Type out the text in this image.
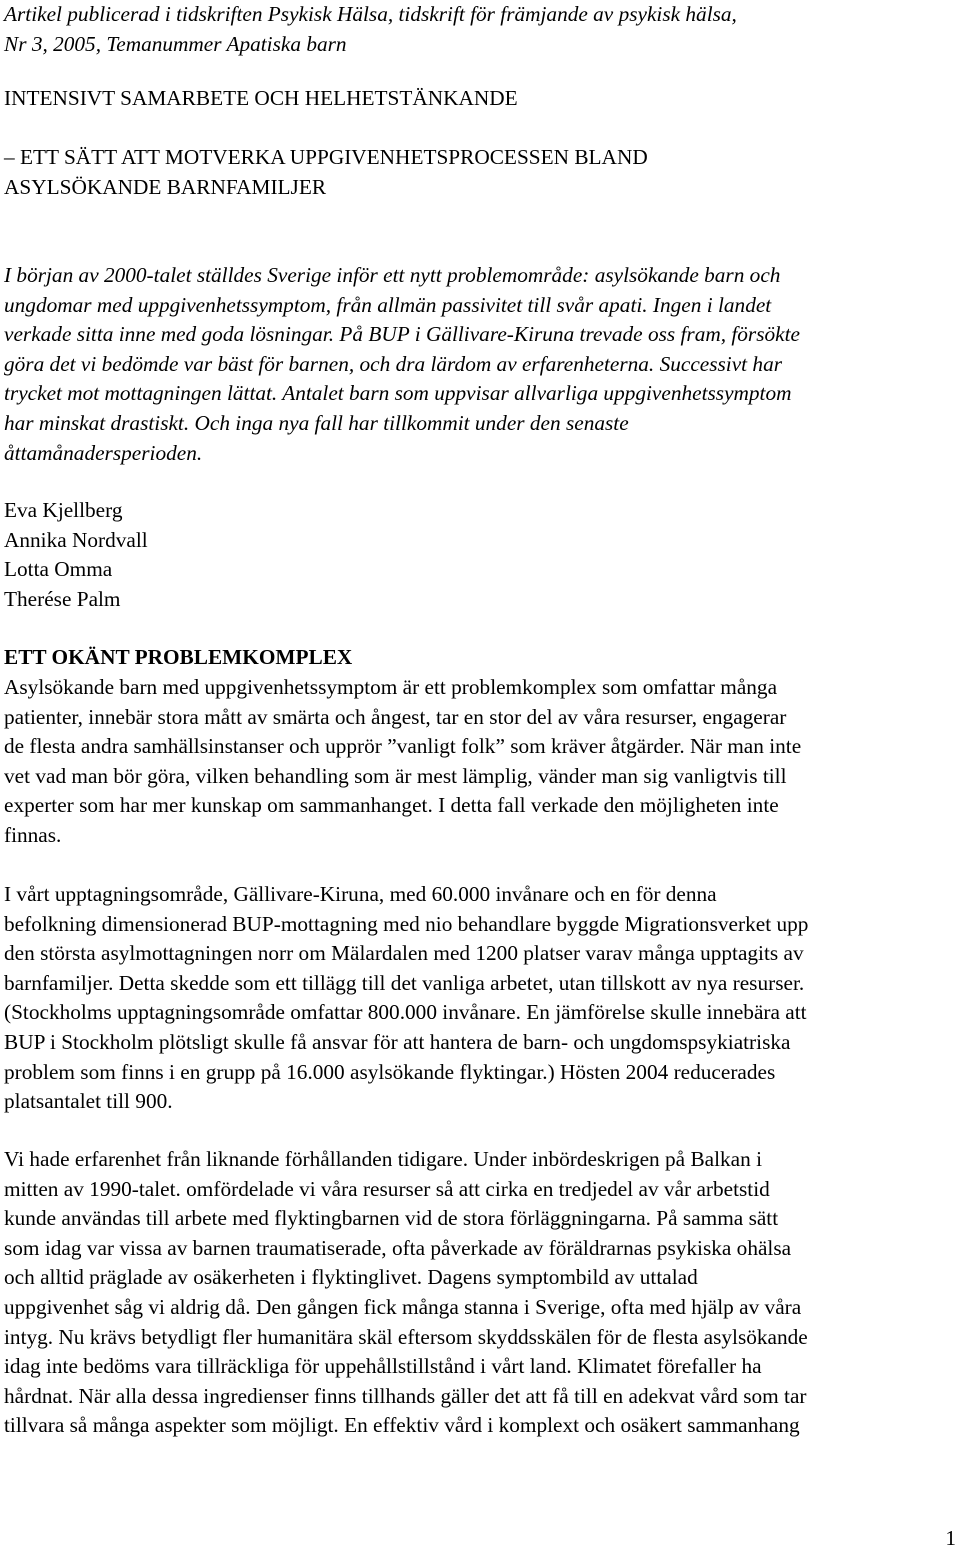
Artikel publicerad i tidskriften Psykisk Hälsa, tidskrift för främjande av psykisk hälsa,
Nr 3, 2005, Temanummer Apatiska barn
INTENSIVT SAMARBETE OCH HELHETSTÄNKANDE
– ETT SÄTT ATT MOTVERKA UPPGIVENHETSPROCESSEN BLAND
ASYLSÖKANDE BARNFAMILJER
I början av 2000-talet ställdes Sverige inför ett nytt problemområde: asylsökande barn och
ungdomar med uppgivenhetssymptom, från allmän passivitet till svår apati. Ingen i landet
verkade sitta inne med goda lösningar. På BUP i Gällivare-Kiruna trevade oss fram, försökte
göra det vi bedömde var bäst för barnen, och dra lärdom av erfarenheterna. Successivt har
trycket mot mottagningen lättat. Antalet barn som uppvisar allvarliga uppgivenhetssymptom
har minskat drastiskt. Och inga nya fall har tillkommit under den senaste
åttamånadersperioden.
Eva Kjellberg
Annika Nordvall
Lotta Omma
Therése Palm
ETT OKÄNT PROBLEMKOMPLEX
Asylsökande barn med uppgivenhetssymptom är ett problemkomplex som omfattar många
patienter, innebär stora mått av smärta och ångest, tar en stor del av våra resurser, engagerar
de flesta andra samhällsinstanser och upprör ”vanligt folk” som kräver åtgärder. När man inte
vet vad man bör göra, vilken behandling som är mest lämplig, vänder man sig vanligtvis till
experter som har mer kunskap om sammanhanget. I detta fall verkade den möjligheten inte
finnas.
I vårt upptagningsområde, Gällivare-Kiruna, med 60.000 invånare och en för denna
befolkning dimensionerad BUP-mottagning med nio behandlare byggde Migrationsverket upp
den största asylmottagningen norr om Mälardalen med 1200 platser varav många upptagits av
barnfamiljer. Detta skedde som ett tillägg till det vanliga arbetet, utan tillskott av nya resurser.
(Stockholms upptagningsområde omfattar 800.000 invånare. En jämförelse skulle innebära att
BUP i Stockholm plötsligt skulle få ansvar för att hantera de barn- och ungdomspsykiatriska
problem som finns i en grupp på 16.000 asylsökande flyktingar.) Hösten 2004 reducerades
platsantalet till 900.
Vi hade erfarenhet från liknande förhållanden tidigare. Under inbördeskrigen på Balkan i
mitten av 1990-talet. omfördelade vi våra resurser så att cirka en tredjedel av vår arbetstid
kunde användas till arbete med flyktingbarnen vid de stora förläggningarna. På samma sätt
som idag var vissa av barnen traumatiserade, ofta påverkade av föräldrarnas psykiska ohälsa
och alltid präglade av osäkerheten i flyktinglivet. Dagens symptombild av uttalad
uppgivenhet såg vi aldrig då. Den gången fick många stanna i Sverige, ofta med hjälp av våra
intyg. Nu krävs betydligt fler humanitära skäl eftersom skyddsskälen för de flesta asylsökande
idag inte bedöms vara tillräckliga för uppehållstillstånd i vårt land. Klimatet förefaller ha
hårdnat. När alla dessa ingredienser finns tillhands gäller det att få till en adekvat vård som tar
tillvara så många aspekter som möjligt. En effektiv vård i komplext och osäkert sammanhang
1
